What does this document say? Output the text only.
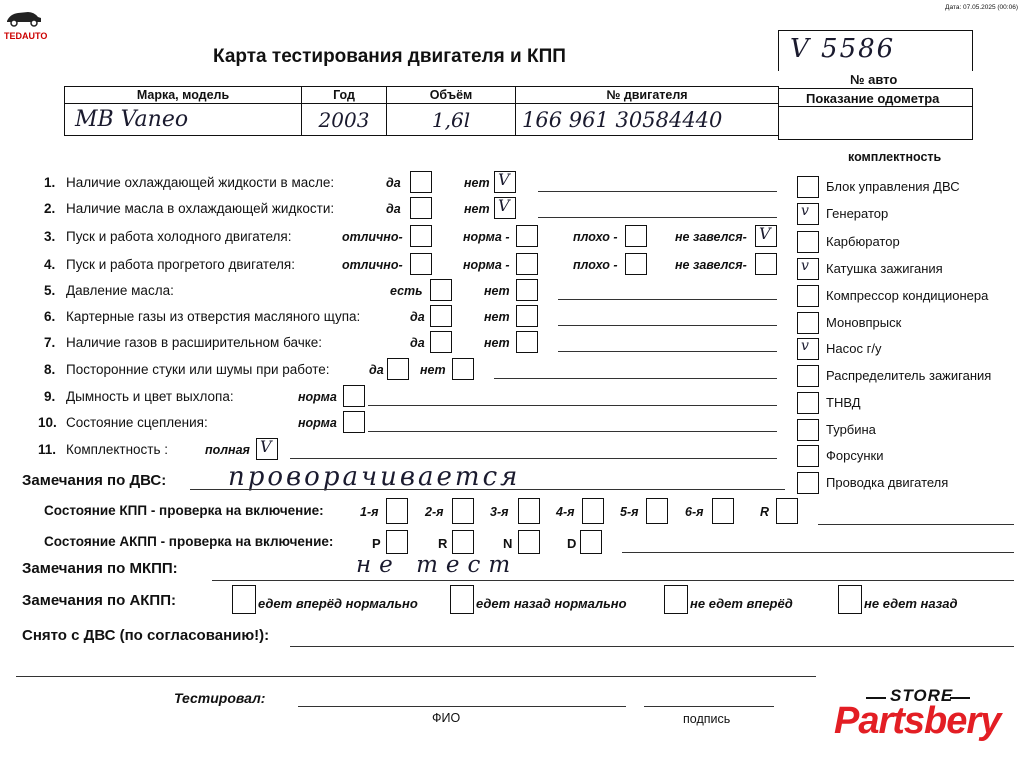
TEDAUTO
Дата: 07.05.2025 (00:06)
Карта тестирования двигателя и КПП	V 5586
№ авто
Показание одометра
Марка, модель	Год	Объём	№ двигателя
MB Vaneo	2003	1,6l	166 961 30584440
1. Наличие охлаждающей жидкости в масле:	да	нет V
2. Наличие масла в охлаждающей жидкости:	да	нет V
3. Пуск и работа холодного двигателя:	отлично-	норма -	плохо -	не завелся- V
4. Пуск и работа прогретого двигателя:	отлично-	норма -	плохо -	не завелся-
5. Давление масла:	есть	нет
6. Картерные газы из отверстия масляного щупа:	да	нет
7. Наличие газов в расширительном бачке:	да	нет
8. Посторонние стуки или шумы при работе:	да	нет
9. Дымность и цвет выхлопа:	норма
10. Состояние сцепления:	норма
11. Комплектность :	полная V
комплектность
Блок управления ДВС
v Генератор
Карбюратор
v Катушка зажигания
Компрессор кондиционера
Моновпрыск
v Насос г/у
Распределитель зажигания
ТНВД
Турбина
Форсунки
Проводка двигателя
Замечания по ДВС: проворачивается
Состояние КПП - проверка на включение:	1-я	2-я	3-я	4-я	5-я	6-я	R
Состояние АКПП - проверка на включение:	P	R	N	D
Замечания по МКПП:	не тест
Замечания по АКПП:	едет вперёд нормально	едет назад нормально	не едет вперёд	не едет назад
Снято с ДВС (по согласованию!):
Тестировал:
ФИО	подпись
STORE
Partsbery
